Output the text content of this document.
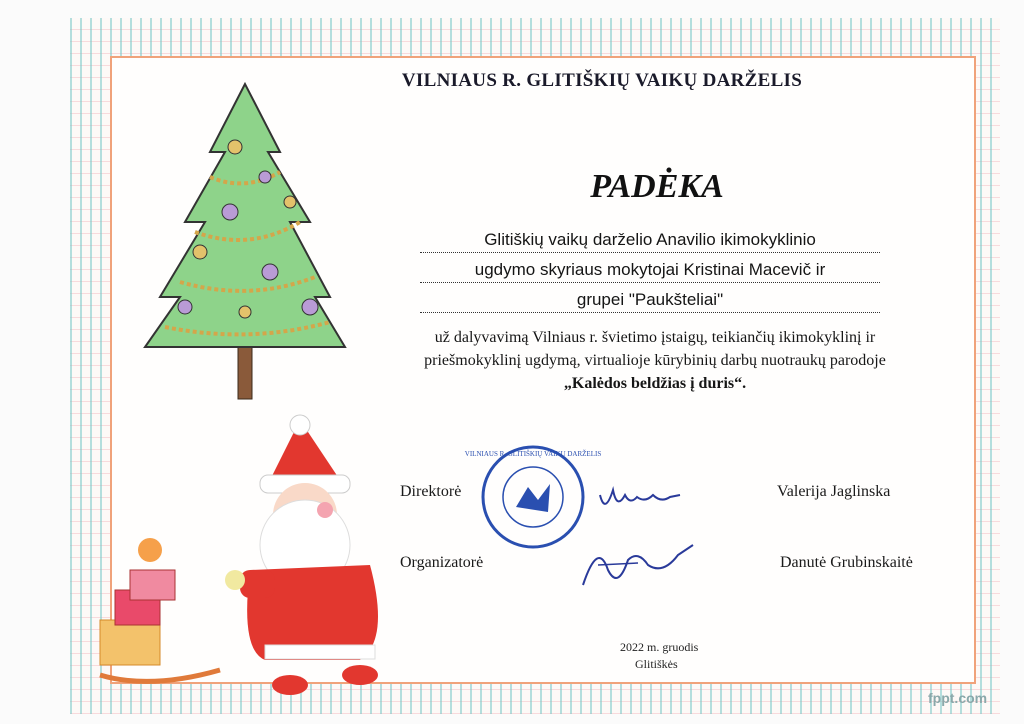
VILNIAUS R. GLITIŠKIŲ VAIKŲ DARŽELIS
PADĖKA
Glitiškių vaikų darželio Anavilio ikimokyklinio
ugdymo skyriaus mokytojai Kristinai Macevič ir
grupei "Paukšteliai"
už dalyvavimą Vilniaus r. švietimo įstaigų, teikiančių ikimokyklinį ir
priešmokyklinį ugdymą, virtualioje kūrybinių darbų nuotraukų parodoje
„Kalėdos beldžias į duris“.
VILNIAUS R. GLITIŠKIŲ VAIKŲ DARŽELIS
Direktorė	Valerija Jaglinska
Organizatorė	Danutė Grubinskaitė
2022 m. gruodis
Glitiškės
fppt.com
